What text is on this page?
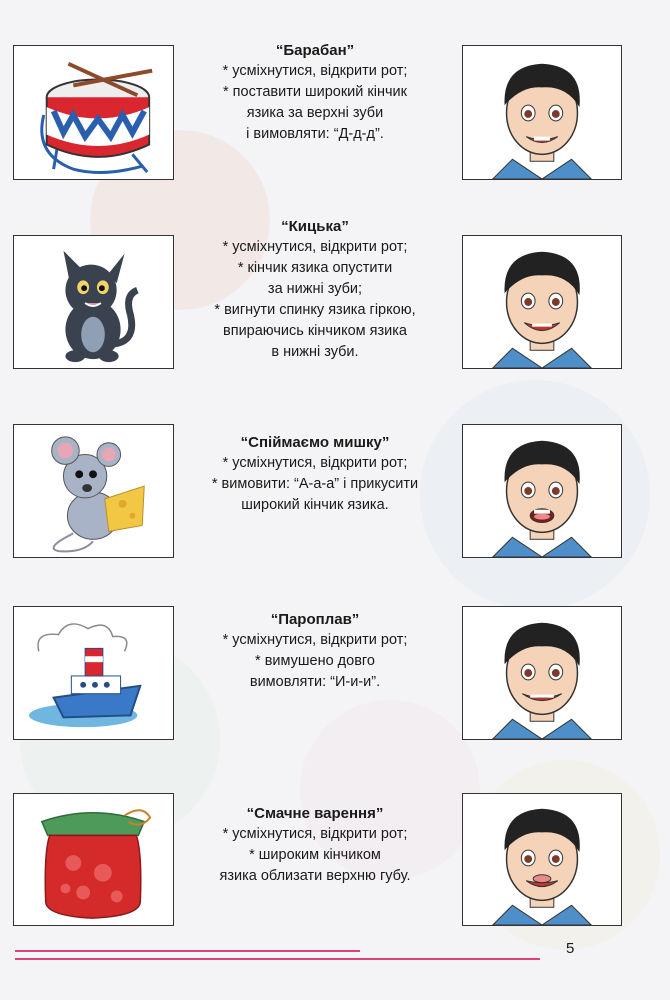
“Барабан”
* усміхнутися, відкрити рот;
* поставити широкий кінчик
язика за верхні зуби
і вимовляти: “Д-д-д”.
“Кицька”
* усміхнутися, відкрити рот;
* кінчик язика опустити
за нижні зуби;
* вигнути спинку язика гіркою,
впираючись кінчиком язика
в нижні зуби.
“Спіймаємо мишку”
* усміхнутися, відкрити рот;
* вимовити: “А-а-а” і прикусити
широкий кінчик язика.
“Пароплав”
* усміхнутися, відкрити рот;
* вимушено довго
вимовляти: “И-и-и”.
“Смачне варення”
* усміхнутися, відкрити рот;
* широким кінчиком
язика облизати верхню губу.
5
